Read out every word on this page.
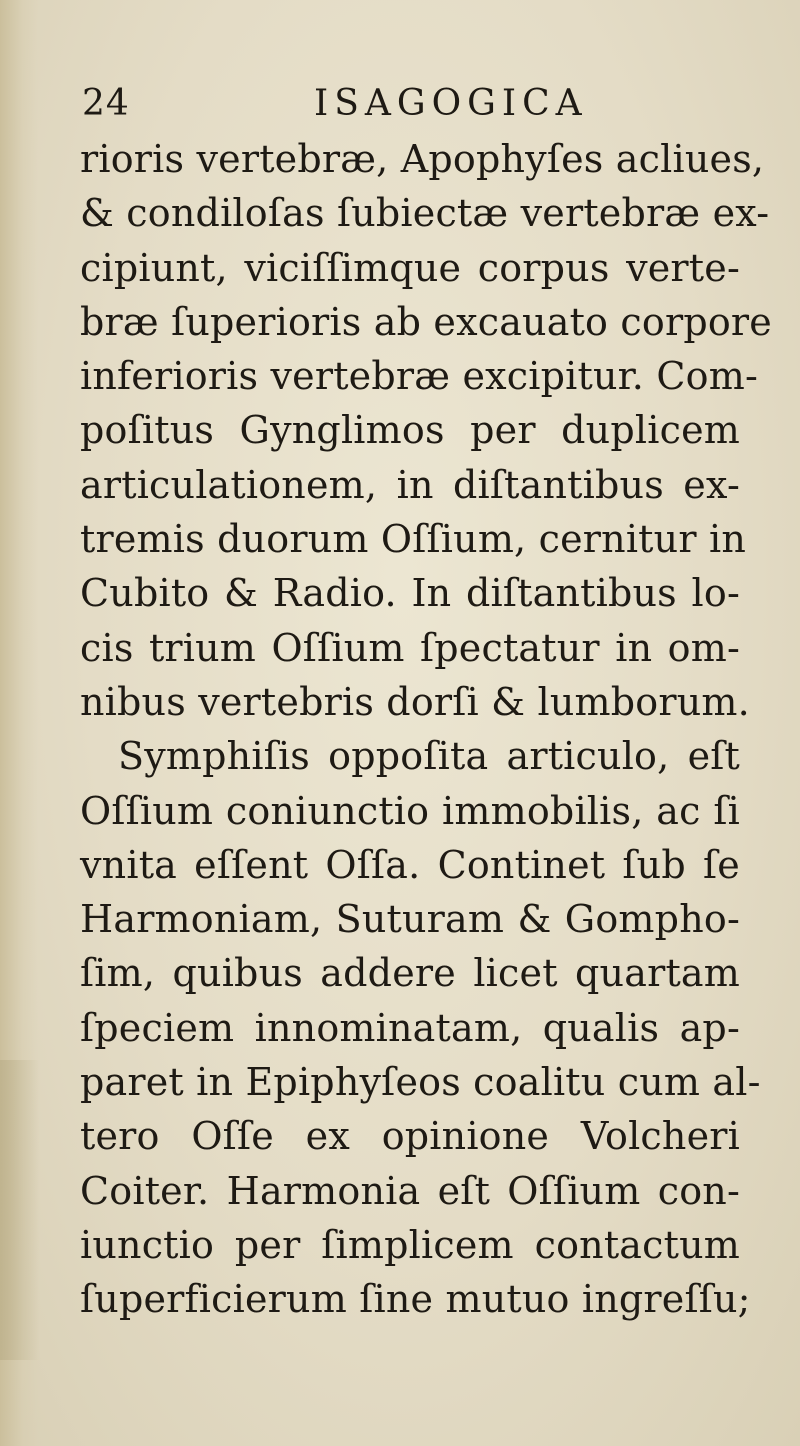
24	ISAGOGICA
rioris vertebræ, Apophyſes acliues,
& condiloſas ſubiectæ vertebræ ex-
cipiunt, viciſſimque corpus verte-
bræ ſuperioris ab excauato corpore
inferioris vertebræ excipitur. Com-
poſitus Gynglimos per duplicem
articulationem, in diſtantibus ex-
tremis duorum Oſſium, cernitur in
Cubito & Radio. In diſtantibus lo-
cis trium Oſſium ſpectatur in om-
nibus vertebris dorſi & lumborum.
Symphiſis oppoſita articulo, eſt
Oſſium coniunctio immobilis, ac ſi
vnita eſſent Oſſa. Continet ſub ſe
Harmoniam, Suturam & Gompho-
ſim, quibus addere licet quartam
ſpeciem innominatam, qualis ap-
paret in Epiphyſeos coalitu cum al-
tero Oſſe ex opinione Volcheri
Coiter. Harmonia eſt Oſſium con-
iunctio per ſimplicem contactum
ſuperficierum ſine mutuo ingreſſu;
